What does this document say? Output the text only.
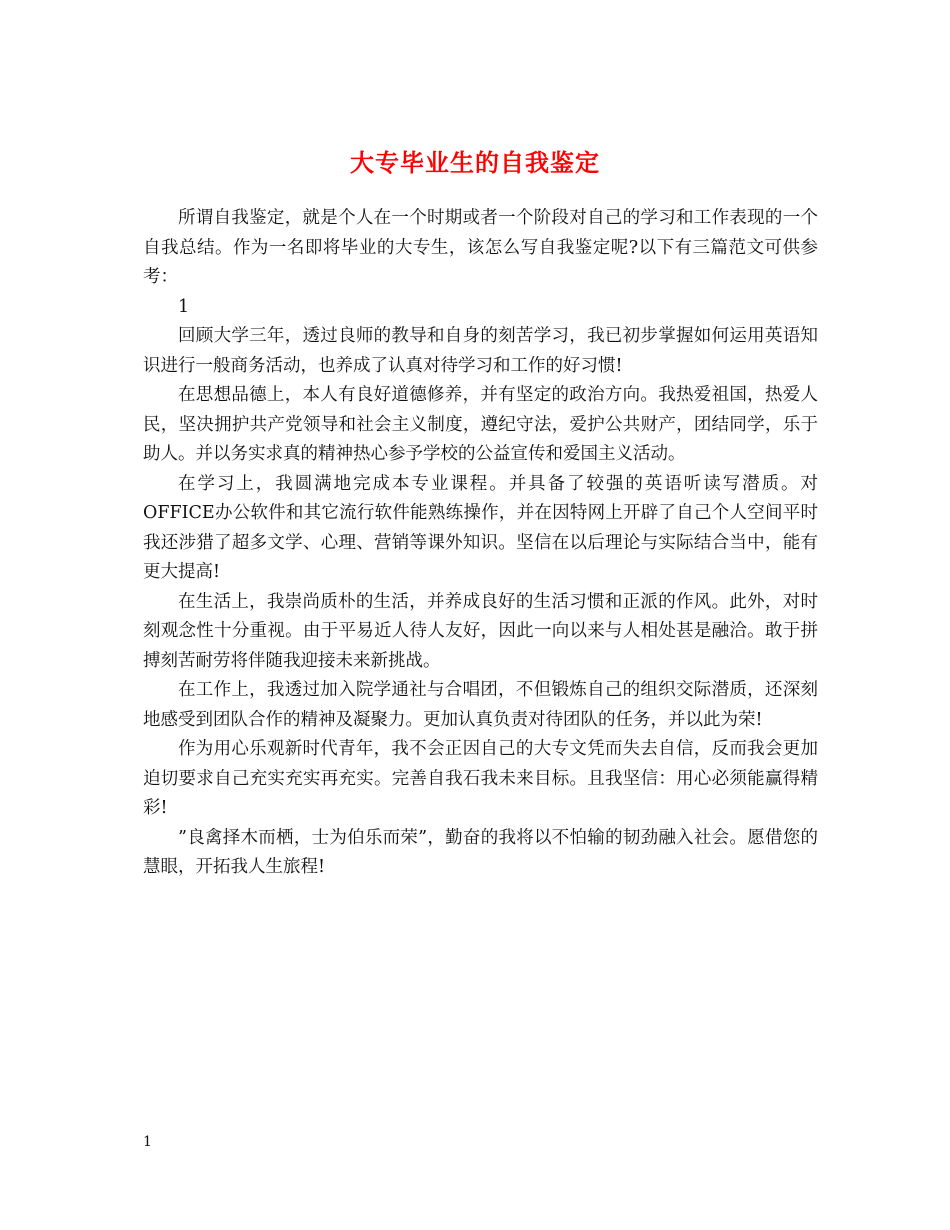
大专毕业生的自我鉴定

所谓自我鉴定，就是个人在一个时期或者一个阶段对自己的学习和工作表现的一个自我总结。作为一名即将毕业的大专生，该怎么写自我鉴定呢?以下有三篇范文可供参考：

1

回顾大学三年，透过良师的教导和自身的刻苦学习，我已初步掌握如何运用英语知识进行一般商务活动，也养成了认真对待学习和工作的好习惯!

在思想品德上，本人有良好道德修养，并有坚定的政治方向。我热爱祖国，热爱人民，坚决拥护共产党领导和社会主义制度，遵纪守法，爱护公共财产，团结同学，乐于助人。并以务实求真的精神热心参予学校的公益宣传和爱国主义活动。

在学习上，我圆满地完成本专业课程。并具备了较强的英语听读写潜质。对OFFICE办公软件和其它流行软件能熟练操作，并在因特网上开辟了自己个人空间平时我还涉猎了超多文学、心理、营销等课外知识。坚信在以后理论与实际结合当中，能有更大提高!

在生活上，我崇尚质朴的生活，并养成良好的生活习惯和正派的作风。此外，对时刻观念性十分重视。由于平易近人待人友好，因此一向以来与人相处甚是融洽。敢于拼搏刻苦耐劳将伴随我迎接未来新挑战。

在工作上，我透过加入院学通社与合唱团，不但锻炼自己的组织交际潜质，还深刻地感受到团队合作的精神及凝聚力。更加认真负责对待团队的任务，并以此为荣!

作为用心乐观新时代青年，我不会正因自己的大专文凭而失去自信，反而我会更加迫切要求自己充实充实再充实。完善自我石我未来目标。且我坚信：用心必须能赢得精彩!

”良禽择木而栖，士为伯乐而荣”，勤奋的我将以不怕输的韧劲融入社会。愿借您的慧眼，开拓我人生旅程!

1
